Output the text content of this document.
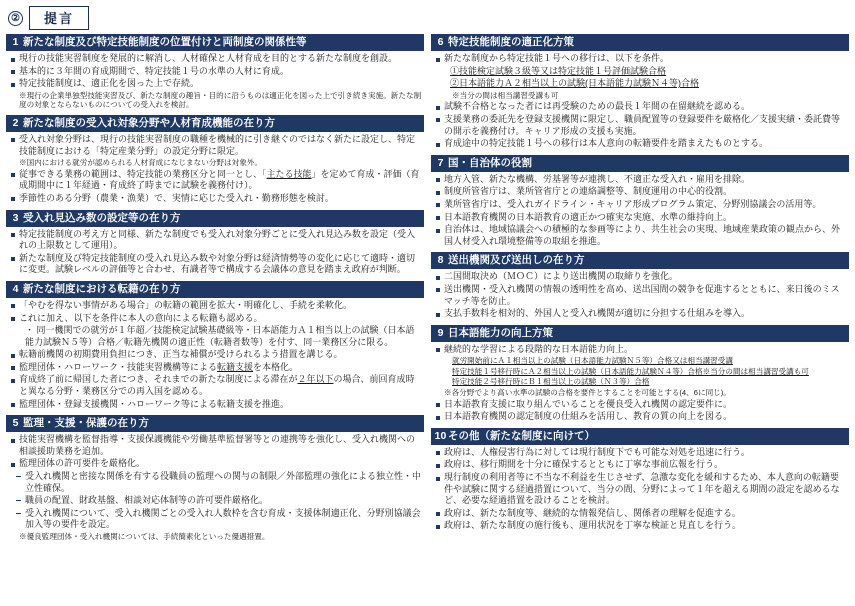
②	提言
1 新たな制度及び特定技能制度の位置付けと両制度の関係性等
現行の技能実習制度を発展的に解消し、人材確保と人材育成を目的とする新たな制度を創設。
基本的に３年間の育成期間で、特定技能１号の水準の人材に育成。
特定技能制度は、適正化を図った上で存続。
※現行の企業単独型技能実習及び、新たな制度の趣旨・目的に沿うものは適正化を図った上で引き続き実施。新たな制度の対象とならないものについての受入れを検討。
2 新たな制度の受入れ対象分野や人材育成機能の在り方
受入れ対象分野は、現行の技能実習制度の職種を機械的に引き継ぐのではなく新たに設定し、特定技能制度における「特定産業分野」の設定分野に限定。
※国内における就労が認められる人材育成になじまない分野は対象外。
従事できる業務の範囲は、特定技能の業務区分と同一とし、「主たる技能」を定めて育成・評価（育成期間中に１年経過・育成終了時までに試験を義務付け）。
季節性のある分野（農業・漁業）で、実情に応じた受入れ・勤務形態を検討。
3 受入れ見込み数の設定等の在り方
特定技能制度の考え方と同様、新たな制度でも受入れ対象分野ごとに受入れ見込み数を設定（受入れの上限数として運用）。
新たな制度及び特定技能制度の受入れ見込み数や対象分野は経済情勢等の変化に応じて適時・適切に変更。試験レベルの評価等と合わせ、有識者等で構成する会議体の意見を踏まえ政府が判断。
4 新たな制度における転籍の在り方
「やむを得ない事情がある場合」の転籍の範囲を拡大・明確化し、手続を柔軟化。
これに加え、以下を条件に本人の意向による転籍も認める。
・ 同一機関での就労が１年超／技能検定試験基礎級等・日本語能力Ａ１相当以上の試験（日本語能力試験Ｎ５等）合格／転籍先機関の適正性（転籍者数等）を付す、同一業務区分に限る。
転籍前機関の初期費用負担につき、正当な補償が受けられるよう措置を講じる。
監理団体・ハローワーク・技能実習機構等による転籍支援を本格化。
育成終了前に帰国した者につき、それまでの新たな制度による滞在が２年以下の場合、前回育成時と異なる分野・業務区分での再入国を認める。
監理団体・登録支援機関・ハローワーク等による転籍支援を推進。
5 監理・支援・保護の在り方
技能実習機構を監督指導・支援保護機能や労働基準監督署等との連携等を強化し、受入れ機関への相談援助業務を追加。
監理団体の許可要件を厳格化。
受入れ機関と密接な関係を有する役職員の監理への関与の制限／外部監理の強化による独立性・中立性確保。
職員の配置、財政基盤、相談対応体制等の許可要件厳格化。
受入れ機関について、受入れ機関ごとの受入れ人数枠を含む育成・支援体制適正化、分野別協議会加入等の要件を設定。
※優良監理団体・受入れ機関については、手続簡素化といった優遇措置。
6 特定技能制度の適正化方策
新たな制度から特定技能１号への移行は、以下を条件。
①技能検定試験３級等又は特定技能１号評価試験合格
②日本語能力Ａ２相当以上の試験(日本語能力試験Ｎ４等)合格
※当分の間は相当講習受講も可
試験不合格となった者には再受験のための最長１年間の在留継続を認める。
支援業務の委託先を登録支援機関に限定し、職員配置等の登録要件を厳格化／支援実績・委託費等の開示を義務付け。キャリア形成の支援も実施。
育成途中の特定技能１号への移行は本人意向の転籍要件を踏まえたものとする。
7 国・自治体の役割
地方入管、新たな機構、労基署等が連携し、不適正な受入れ・雇用を排除。
制度所管省庁は、業所管省庁との連絡調整等、制度運用の中心的役割。
業所管省庁は、受入れガイドライン・キャリア形成プログラム策定、分野別協議会の活用等。
日本語教育機関の日本語教育の適正かつ確実な実施、水準の維持向上。
自治体は、地域協議会への積極的な参画等により、共生社会の実現、地域産業政策の観点から、外国人材受入れ環境整備等の取組を推進。
8 送出機関及び送出しの在り方
二国間取決め（ＭＯＣ）により送出機関の取締りを強化。
送出機関・受入れ機関の情報の透明性を高め、送出国間の競争を促進するとともに、来日後のミスマッチ等を防止。
支払手数料を相対的、外国人と受入れ機関が適切に分担する仕組みを導入。
9 日本語能力の向上方策
継続的な学習による段階的な日本語能力向上。
就労開始前にＡ１相当以上の試験（日本語能力試験Ｎ５等）合格又は相当講習受講
特定技能１号移行時にＡ２相当以上の試験（日本語能力試験Ｎ４等）合格※当分の間は相当講習受講も可
特定技能２号移行時にＢ１相当以上の試験（Ｎ３等）合格
※各分野でより高い水準の試験の合格を要件とすることを可能とする(4、6に同じ)。
日本語教育支援に取り組んでいることを優良受入れ機関の認定要件に。
日本語教育機関の認定制度の仕組みを活用し、教育の質の向上を図る。
10 その他（新たな制度に向けて）
政府は、人権侵害行為に対しては現行制度下でも可能な対処を迅速に行う。
政府は、移行期間を十分に確保するとともに丁寧な事前広報を行う。
現行制度の利用者等に不当な不利益を生じさせず、急激な変化を緩和するため、本人意向の転籍要件や試験に関する経過措置について、当分の間、分野によって１年を超える期間の設定を認めるなど、必要な経過措置を設けることを検討。
政府は、新たな制度等、継続的な情報発信し、関係者の理解を促進する。
政府は、新たな制度の施行後も、運用状況を丁寧な検証と見直しを行う。
